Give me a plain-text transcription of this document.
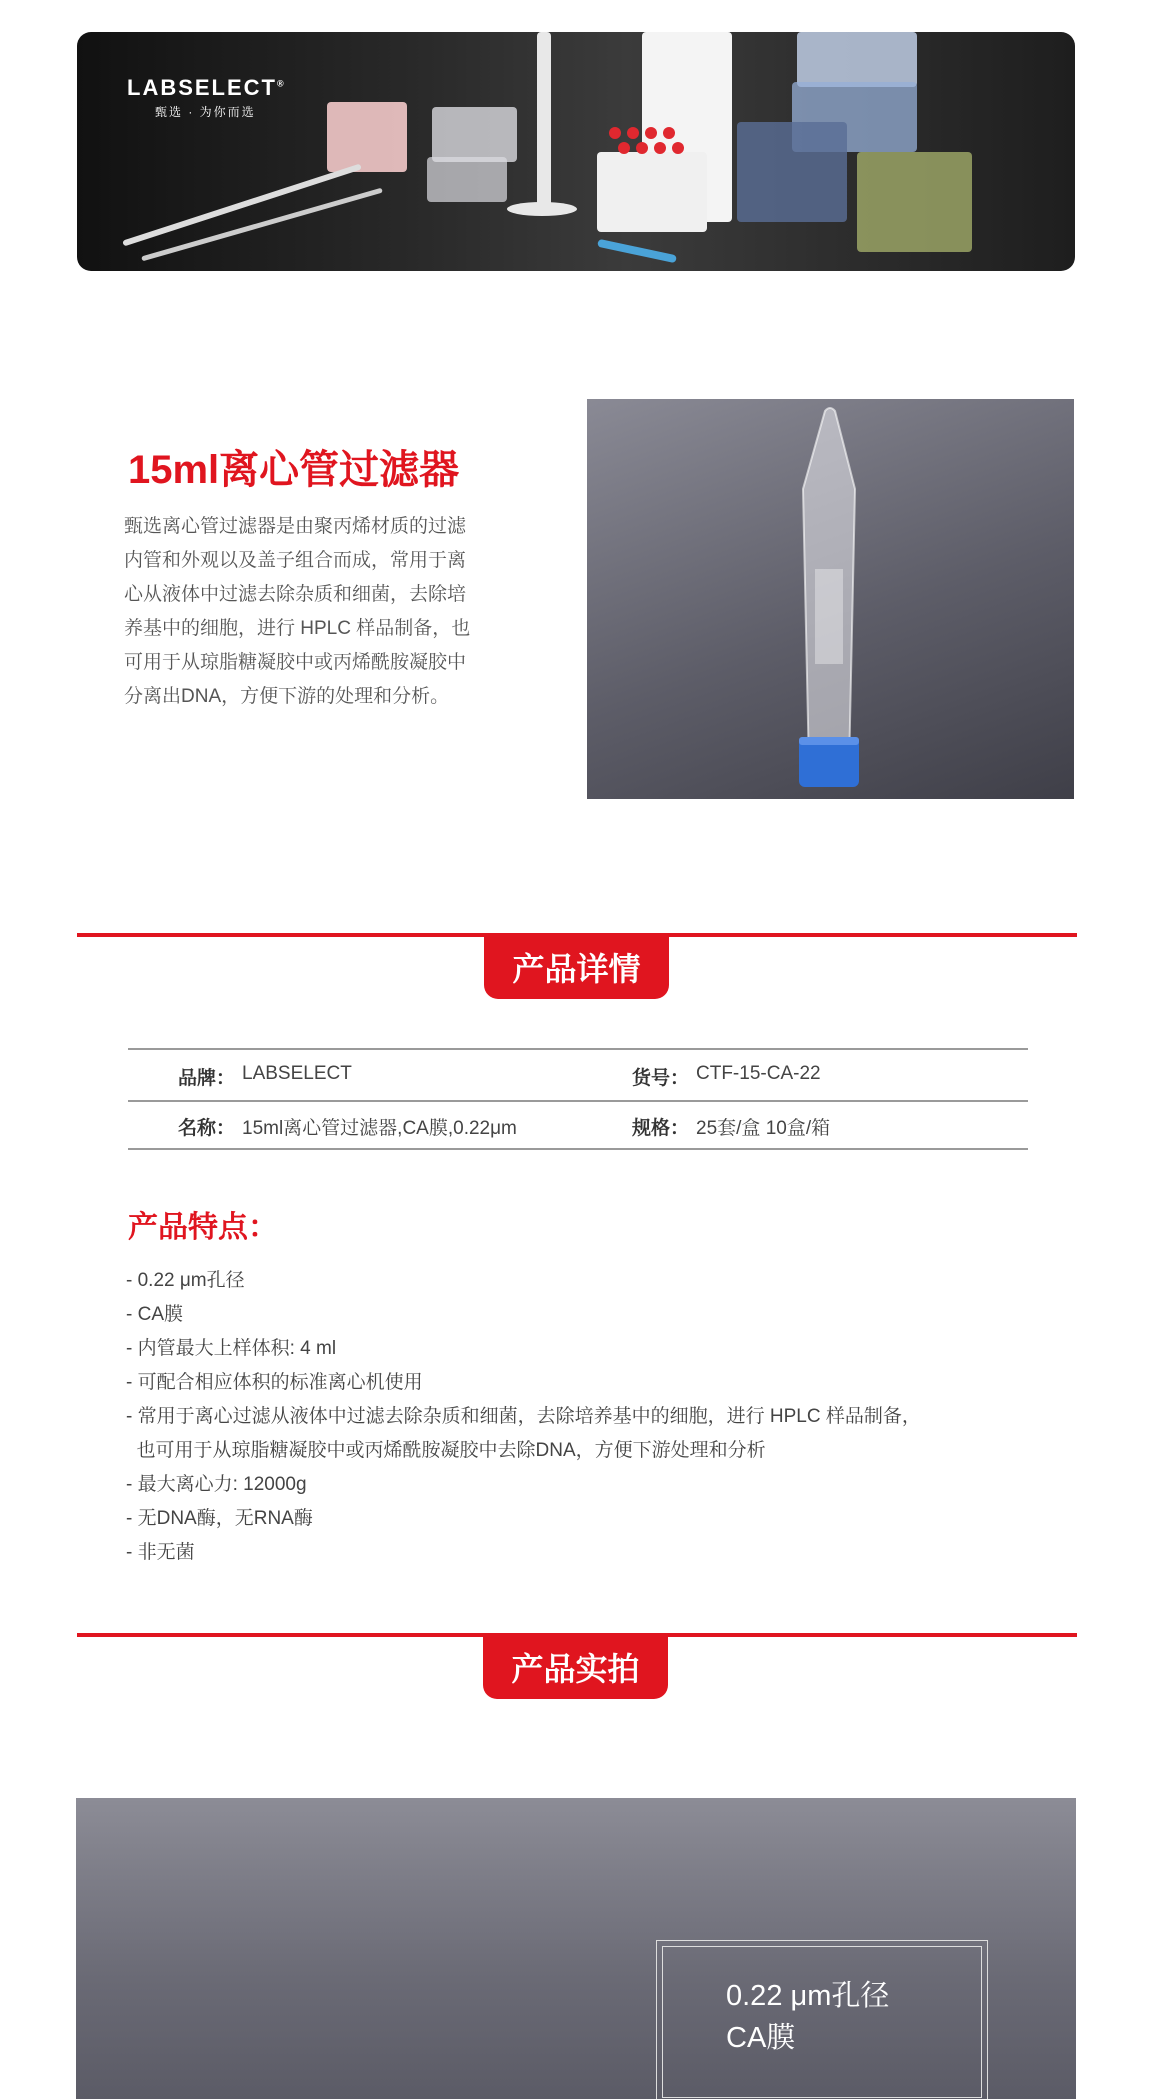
LABSELECT®
甄选 · 为你而选
15ml离心管过滤器
甄选离心管过滤器是由聚丙烯材质的过滤内管和外观以及盖子组合而成，常用于离心从液体中过滤去除杂质和细菌，去除培养基中的细胞，进行 HPLC 样品制备，也可用于从琼脂糖凝胶中或丙烯酰胺凝胶中分离出DNA，方便下游的处理和分析。
产品详情
品牌： LABSELECT	货号： CTF-15-CA-22
名称： 15ml离心管过滤器,CA膜,0.22μm	规格： 25套/盒 10盒/箱
产品特点：
- 0.22 μm孔径
- CA膜
- 内管最大上样体积: 4 ml
- 可配合相应体积的标准离心机使用
- 常用于离心过滤从液体中过滤去除杂质和细菌，去除培养基中的细胞，进行 HPLC 样品制备，
也可用于从琼脂糖凝胶中或丙烯酰胺凝胶中去除DNA，方便下游处理和分析
- 最大离心力: 12000g
- 无DNA酶，无RNA酶
- 非无菌
产品实拍
0.22 μm孔径
CA膜
